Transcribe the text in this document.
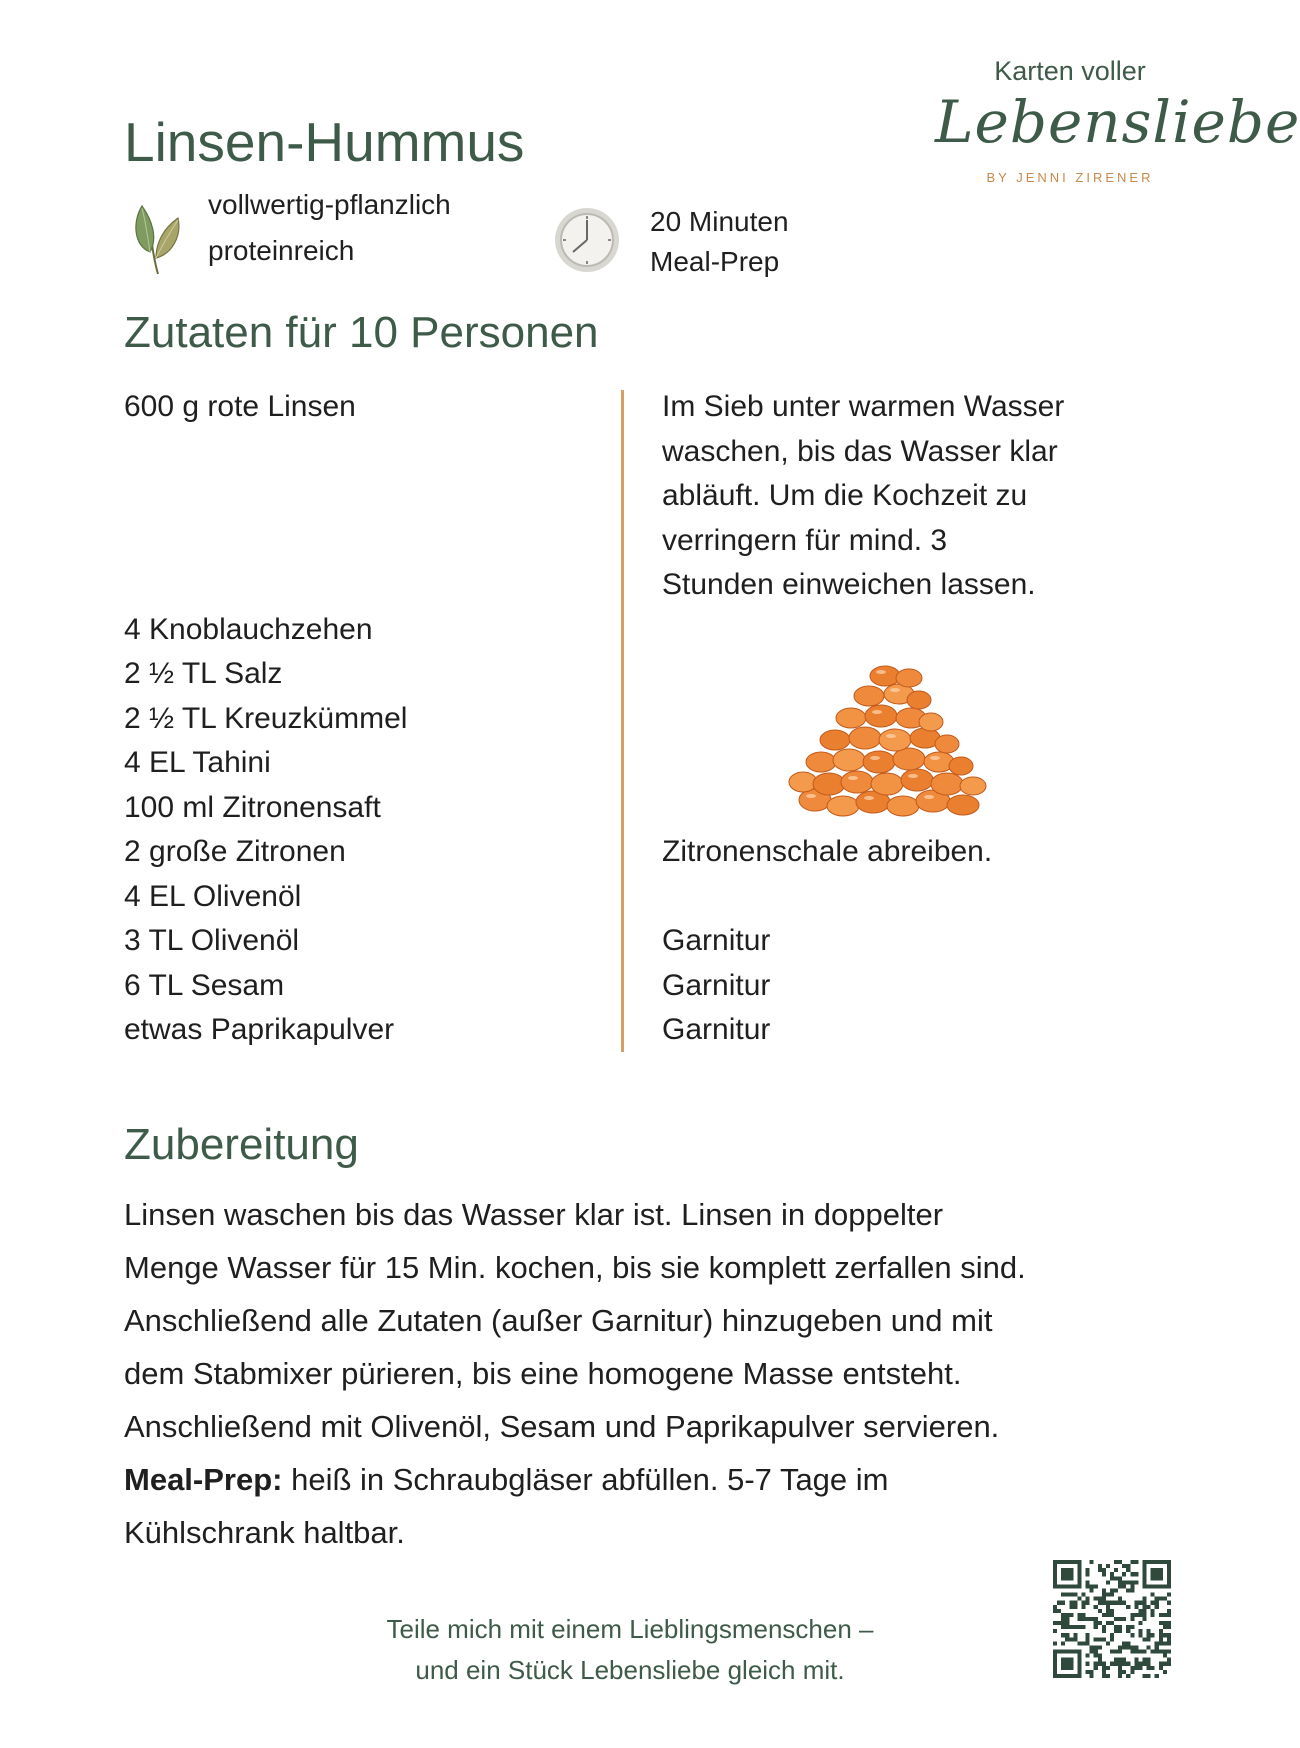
Karten voller
Lebensliebe
BY JENNI ZIRENER
Linsen-Hummus
vollwertig-pflanzlich
proteinreich
20 Minuten
Meal-Prep
Zutaten für 10 Personen
600 g rote Linsen
4 Knoblauchzehen
2 ½ TL Salz
2 ½ TL Kreuzkümmel
4 EL Tahini
100 ml Zitronensaft
2 große Zitronen
4 EL Olivenöl
3 TL Olivenöl
6 TL Sesam
etwas Paprikapulver
Im Sieb unter warmen Wasser
waschen, bis das Wasser klar
abläuft. Um die Kochzeit zu
verringern für mind. 3
Stunden einweichen lassen.
Zitronenschale abreiben.
Garnitur
Garnitur
Garnitur
Zubereitung
Linsen waschen bis das Wasser klar ist. Linsen in doppelter
Menge Wasser für 15 Min. kochen, bis sie komplett zerfallen sind.
Anschließend alle Zutaten (außer Garnitur) hinzugeben und mit
dem Stabmixer pürieren, bis eine homogene Masse entsteht.
Anschließend mit Olivenöl, Sesam und Paprikapulver servieren.
Meal-Prep: heiß in Schraubgläser abfüllen. 5-7 Tage im
Kühlschrank haltbar.
Teile mich mit einem Lieblingsmenschen –
und ein Stück Lebensliebe gleich mit.
